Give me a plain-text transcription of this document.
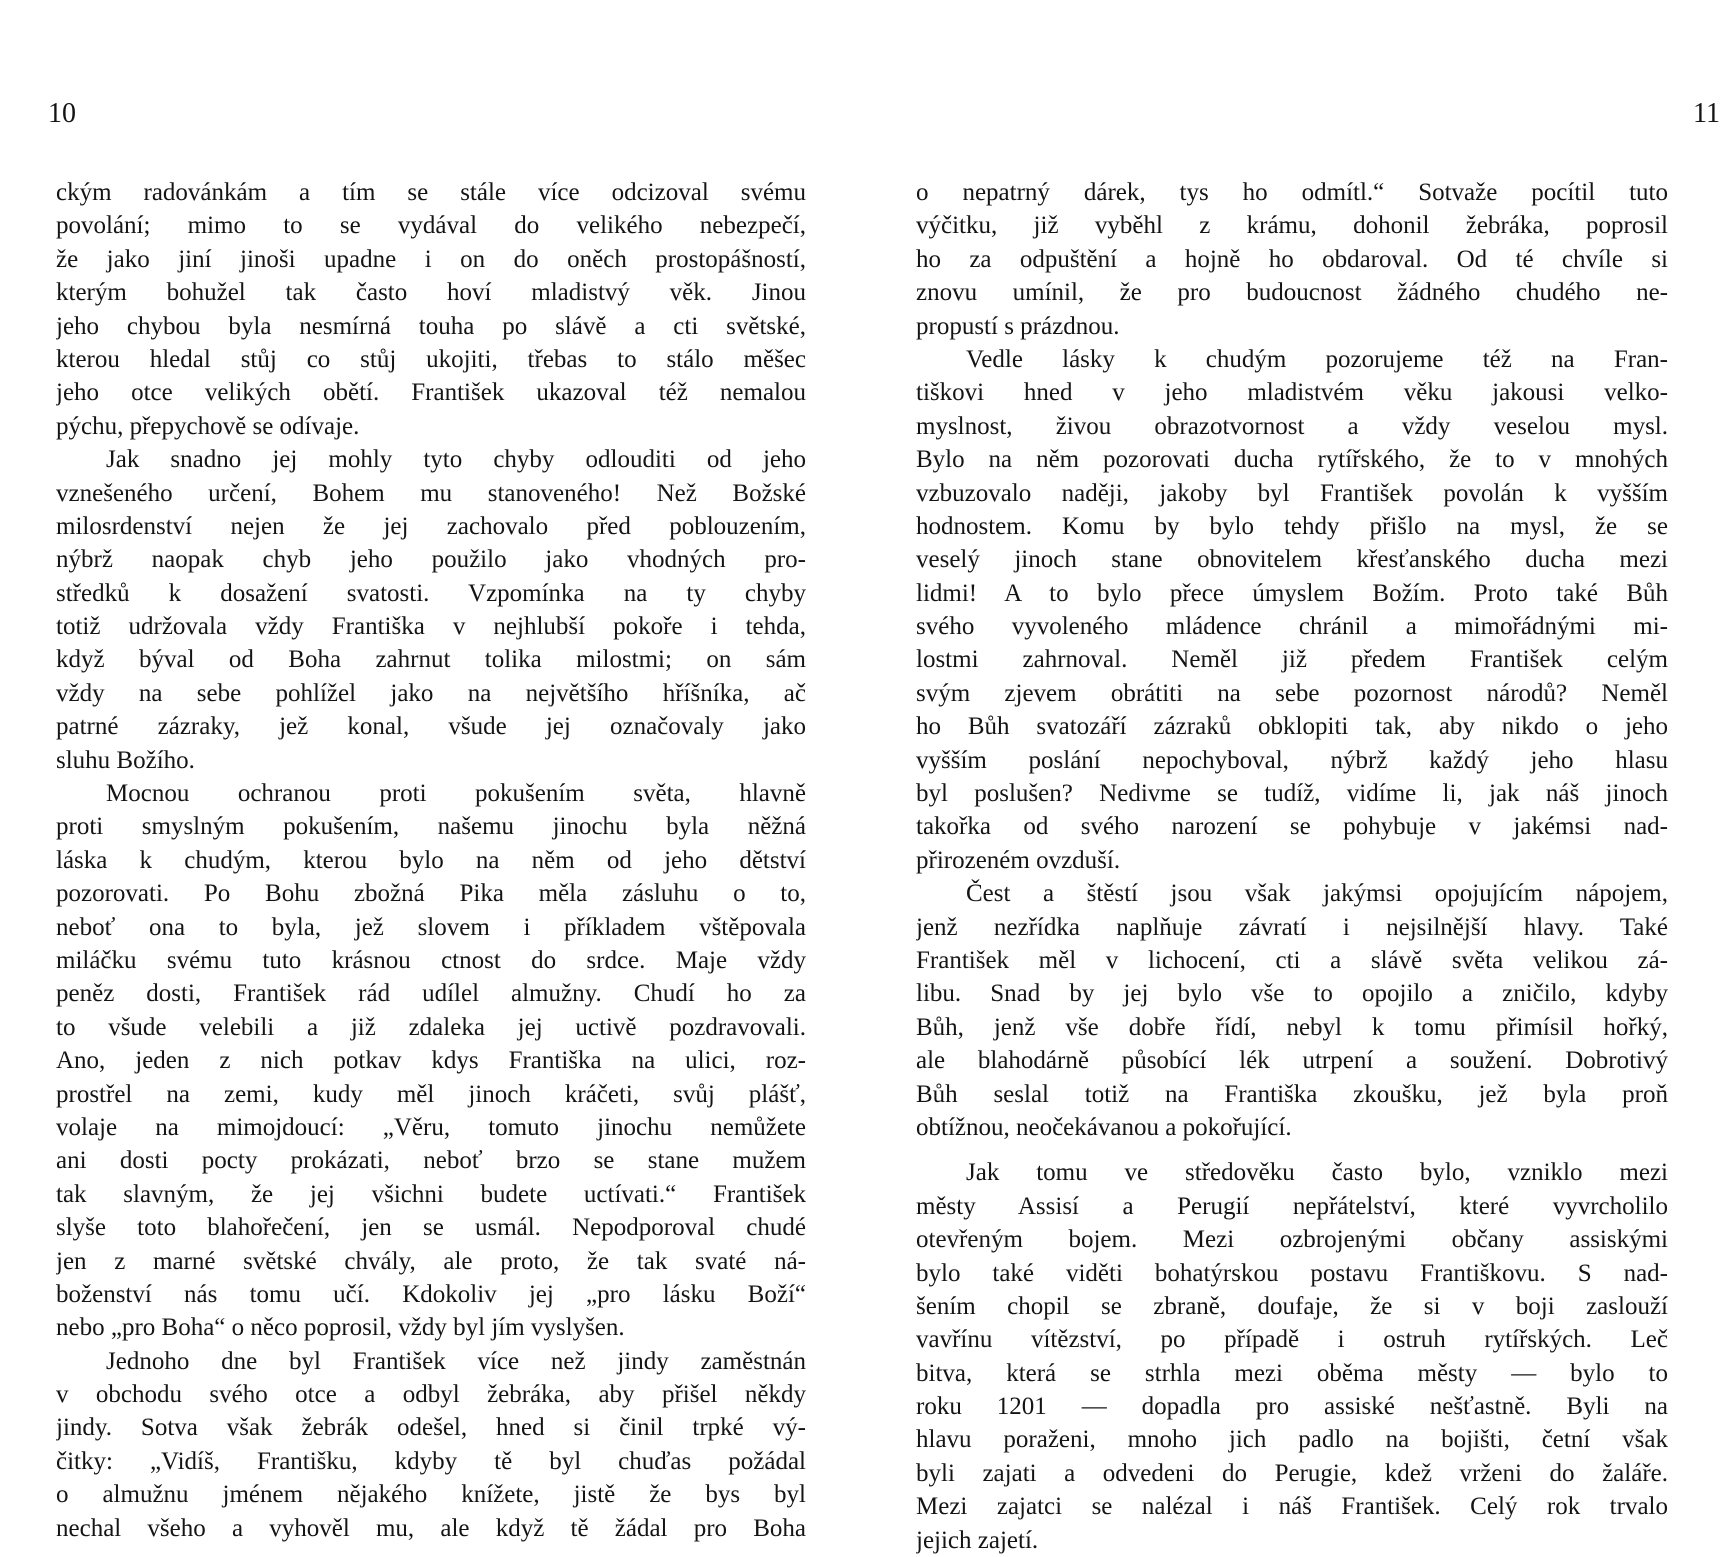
10
ckým radovánkám a tím se stále více odcizoval svému
povolání; mimo to se vydával do velikého nebezpečí,
že jako jiní jinoši upadne i on do oněch prostopášností,
kterým bohužel tak často hoví mladistvý věk. Jinou
jeho chybou byla nesmírná touha po slávě a cti světské,
kterou hledal stůj co stůj ukojiti, třebas to stálo měšec
jeho otce velikých obětí. František ukazoval též nemalou
pýchu, přepychově se odívaje.
Jak snadno jej mohly tyto chyby odlouditi od jeho
vznešeného určení, Bohem mu stanoveného! Než Božské
milosrdenství nejen že jej zachovalo před poblouzením,
nýbrž naopak chyb jeho použilo jako vhodných pro-
středků k dosažení svatosti. Vzpomínka na ty chyby
totiž udržovala vždy Františka v nejhlubší pokoře i tehda,
když býval od Boha zahrnut tolika milostmi; on sám
vždy na sebe pohlížel jako na největšího hříšníka, ač
patrné zázraky, jež konal, všude jej označovaly jako
sluhu Božího.
Mocnou ochranou proti pokušením světa, hlavně
proti smyslným pokušením, našemu jinochu byla něžná
láska k chudým, kterou bylo na něm od jeho dětství
pozorovati. Po Bohu zbožná Pika měla zásluhu o to,
neboť ona to byla, jež slovem i příkladem vštěpovala
miláčku svému tuto krásnou ctnost do srdce. Maje vždy
peněz dosti, František rád udílel almužny. Chudí ho za
to všude velebili a již zdaleka jej uctivě pozdravovali.
Ano, jeden z nich potkav kdys Františka na ulici, roz-
prostřel na zemi, kudy měl jinoch kráčeti, svůj plášť,
volaje na mimojdoucí: „Věru, tomuto jinochu nemůžete
ani dosti pocty prokázati, neboť brzo se stane mužem
tak slavným, že jej všichni budete uctívati.“ František
slyše toto blahořečení, jen se usmál. Nepodporoval chudé
jen z marné světské chvály, ale proto, že tak svaté ná-
boženství nás tomu učí. Kdokoliv jej „pro lásku Boží“
nebo „pro Boha“ o něco poprosil, vždy byl jím vyslyšen.
Jednoho dne byl František více než jindy zaměstnán
v obchodu svého otce a odbyl žebráka, aby přišel někdy
jindy. Sotva však žebrák odešel, hned si činil trpké vý-
čitky: „Vidíš, Františku, kdyby tě byl chuďas požádal
o almužnu jménem nějakého knížete, jistě že bys byl
nechal všeho a vyhověl mu, ale když tě žádal pro Boha
11
o nepatrný dárek, tys ho odmítl.“ Sotvaže pocítil tuto
výčitku, již vyběhl z krámu, dohonil žebráka, poprosil
ho za odpuštění a hojně ho obdaroval. Od té chvíle si
znovu umínil, že pro budoucnost žádného chudého ne-
propustí s prázdnou.
Vedle lásky k chudým pozorujeme též na Fran-
tiškovi hned v jeho mladistvém věku jakousi velko-
myslnost, živou obrazotvornost a vždy veselou mysl.
Bylo na něm pozorovati ducha rytířského, že to v mnohých
vzbuzovalo naději, jakoby byl František povolán k vyšším
hodnostem. Komu by bylo tehdy přišlo na mysl, že se
veselý jinoch stane obnovitelem křesťanského ducha mezi
lidmi! A to bylo přece úmyslem Božím. Proto také Bůh
svého vyvoleného mládence chránil a mimořádnými mi-
lostmi zahrnoval. Neměl již předem František celým
svým zjevem obrátiti na sebe pozornost národů? Neměl
ho Bůh svatozáří zázraků obklopiti tak, aby nikdo o jeho
vyšším poslání nepochyboval, nýbrž každý jeho hlasu
byl poslušen? Nedivme se tudíž, vidíme li, jak náš jinoch
takořka od svého narození se pohybuje v jakémsi nad-
přirozeném ovzduší.
Čest a štěstí jsou však jakýmsi opojujícím nápojem,
jenž nezřídka naplňuje závratí i nejsilnější hlavy. Také
František měl v lichocení, cti a slávě světa velikou zá-
libu. Snad by jej bylo vše to opojilo a zničilo, kdyby
Bůh, jenž vše dobře řídí, nebyl k tomu přimísil hořký,
ale blahodárně působící lék utrpení a soužení. Dobrotivý
Bůh seslal totiž na Františka zkoušku, jež byla proň
obtížnou, neočekávanou a pokořující.
Jak tomu ve středověku často bylo, vzniklo mezi
městy Assisí a Perugií nepřátelství, které vyvrcholilo
otevřeným bojem. Mezi ozbrojenými občany assiskými
bylo také viděti bohatýrskou postavu Františkovu. S nad-
šením chopil se zbraně, doufaje, že si v boji zaslouží
vavřínu vítězství, po případě i ostruh rytířských. Leč
bitva, která se strhla mezi oběma městy — bylo to
roku 1201 — dopadla pro assiské nešťastně. Byli na
hlavu poraženi, mnoho jich padlo na bojišti, četní však
byli zajati a odvedeni do Perugie, kdež vrženi do žaláře.
Mezi zajatci se nalézal i náš František. Celý rok trvalo
jejich zajetí.
